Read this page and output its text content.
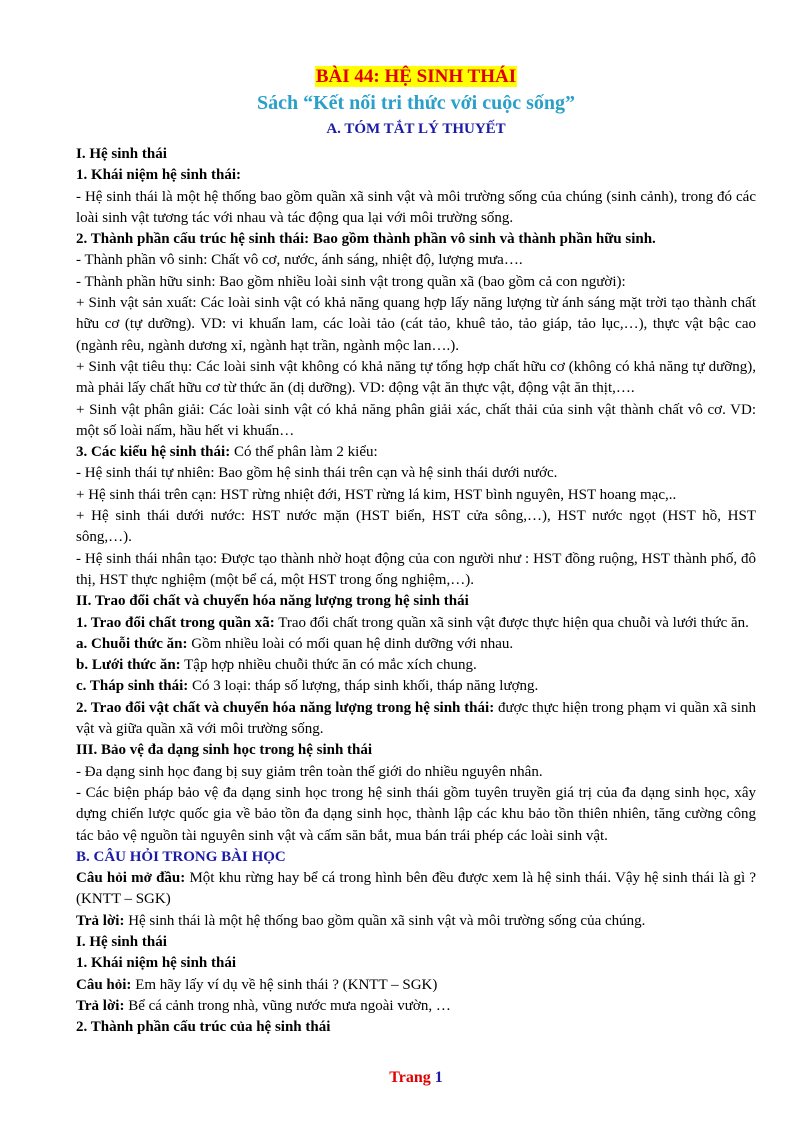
BÀI 44: HỆ SINH THÁI
Sách “Kết nối tri thức với cuộc sống”
A. TÓM TẮT LÝ THUYẾT

I. Hệ sinh thái

1. Khái niệm hệ sinh thái:

- Hệ sinh thái là một hệ thống bao gồm quần xã sinh vật và môi trường sống của chúng (sinh cảnh), trong đó các loài sinh vật tương tác với nhau và tác động qua lại với môi trường sống.

2. Thành phần cấu trúc hệ sinh thái: Bao gồm thành phần vô sinh và thành phần hữu sinh.

- Thành phần vô sinh: Chất vô cơ, nước, ánh sáng, nhiệt độ, lượng mưa….

- Thành phần hữu sinh: Bao gồm nhiều loài sinh vật trong quần xã (bao gồm cả con người):

+ Sinh vật sản xuất: Các loài sinh vật có khả năng quang hợp lấy năng lượng từ ánh sáng mặt trời tạo thành chất hữu cơ (tự dưỡng). VD: vi khuẩn lam, các loài tảo (cát tảo, khuê tảo, tảo giáp, tảo lục,…), thực vật bậc cao (ngành rêu, ngành dương xỉ, ngành hạt trần, ngành mộc lan….).

+ Sinh vật tiêu thụ: Các loài sinh vật không có khả năng tự tổng hợp chất hữu cơ (không có khả năng tự dưỡng), mà phải lấy chất hữu cơ từ thức ăn (dị dưỡng). VD: động vật ăn thực vật, động vật ăn thịt,….

+ Sinh vật phân giải: Các loài sinh vật có khả năng phân giải xác, chất thải của sinh vật thành chất vô cơ. VD: một số loài nấm, hầu hết vi khuẩn…

3. Các kiểu hệ sinh thái: Có thể phân làm 2 kiểu:

- Hệ sinh thái tự nhiên: Bao gồm hệ sinh thái trên cạn và hệ sinh thái dưới nước.

+ Hệ sinh thái trên cạn: HST rừng nhiệt đới, HST rừng lá kim, HST bình nguyên, HST hoang mạc,..

+ Hệ sinh thái dưới nước: HST nước mặn (HST biển, HST cửa sông,…), HST nước ngọt (HST hồ, HST sông,…).

- Hệ sinh thái nhân tạo: Được tạo thành nhờ hoạt động của con người như : HST đồng ruộng, HST thành phố, đô thị, HST thực nghiệm (một bể cá, một HST trong ống nghiệm,…).

II. Trao đổi chất và chuyển hóa năng lượng trong hệ sinh thái

1. Trao đổi chất trong quần xã: Trao đổi chất trong quần xã sinh vật được thực hiện qua chuỗi và lưới thức ăn.

a. Chuỗi thức ăn: Gồm nhiều loài có mối quan hệ dinh dưỡng với nhau.

b. Lưới thức ăn: Tập hợp nhiều chuỗi thức ăn có mắc xích chung.

c. Tháp sinh thái: Có 3 loại: tháp số lượng, tháp sinh khối, tháp năng lượng.

2. Trao đổi vật chất và chuyển hóa năng lượng trong hệ sinh thái: được thực hiện trong phạm vi quần xã sinh vật và giữa quần xã với môi trường sống.

III. Bảo vệ đa dạng sinh học trong hệ sinh thái

- Đa dạng sinh học đang bị suy giảm trên toàn thế giới do nhiều nguyên nhân.

- Các biện pháp bảo vệ đa dạng sinh học trong hệ sinh thái gồm tuyên truyền giá trị của đa dạng sinh học, xây dựng chiến lược quốc gia về bảo tồn đa dạng sinh học, thành lập các khu bảo tồn thiên nhiên, tăng cường công tác bảo vệ nguồn tài nguyên sinh vật và cấm săn bắt, mua bán trái phép các loài sinh vật.

B. CÂU HỎI TRONG BÀI HỌC

Câu hỏi mở đầu: Một khu rừng hay bể cá trong hình bên đều được xem là hệ sinh thái. Vậy hệ sinh thái là gì ? (KNTT – SGK)

Trả lời: Hệ sinh thái là một hệ thống bao gồm quần xã sinh vật và môi trường sống của chúng.

I. Hệ sinh thái

1. Khái niệm hệ sinh thái

Câu hỏi: Em hãy lấy ví dụ về hệ sinh thái ? (KNTT – SGK)

Trả lời: Bể cá cảnh trong nhà, vũng nước mưa ngoài vườn, …

2. Thành phần cấu trúc của hệ sinh thái

Trang 1
